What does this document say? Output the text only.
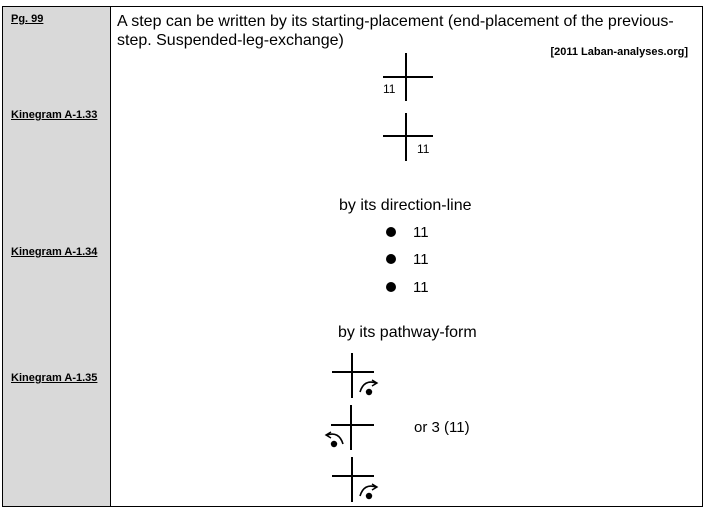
Pg. 99
Kinegram A-1.33
Kinegram A-1.34
Kinegram A-1.35
A step can be written by its starting-placement (end-placement of the previous-step. Suspended-leg-exchange)
[2011 Laban-analyses.org]
11
11
by its direction-line
11
11
11
by its pathway-form
or 3 (11)
